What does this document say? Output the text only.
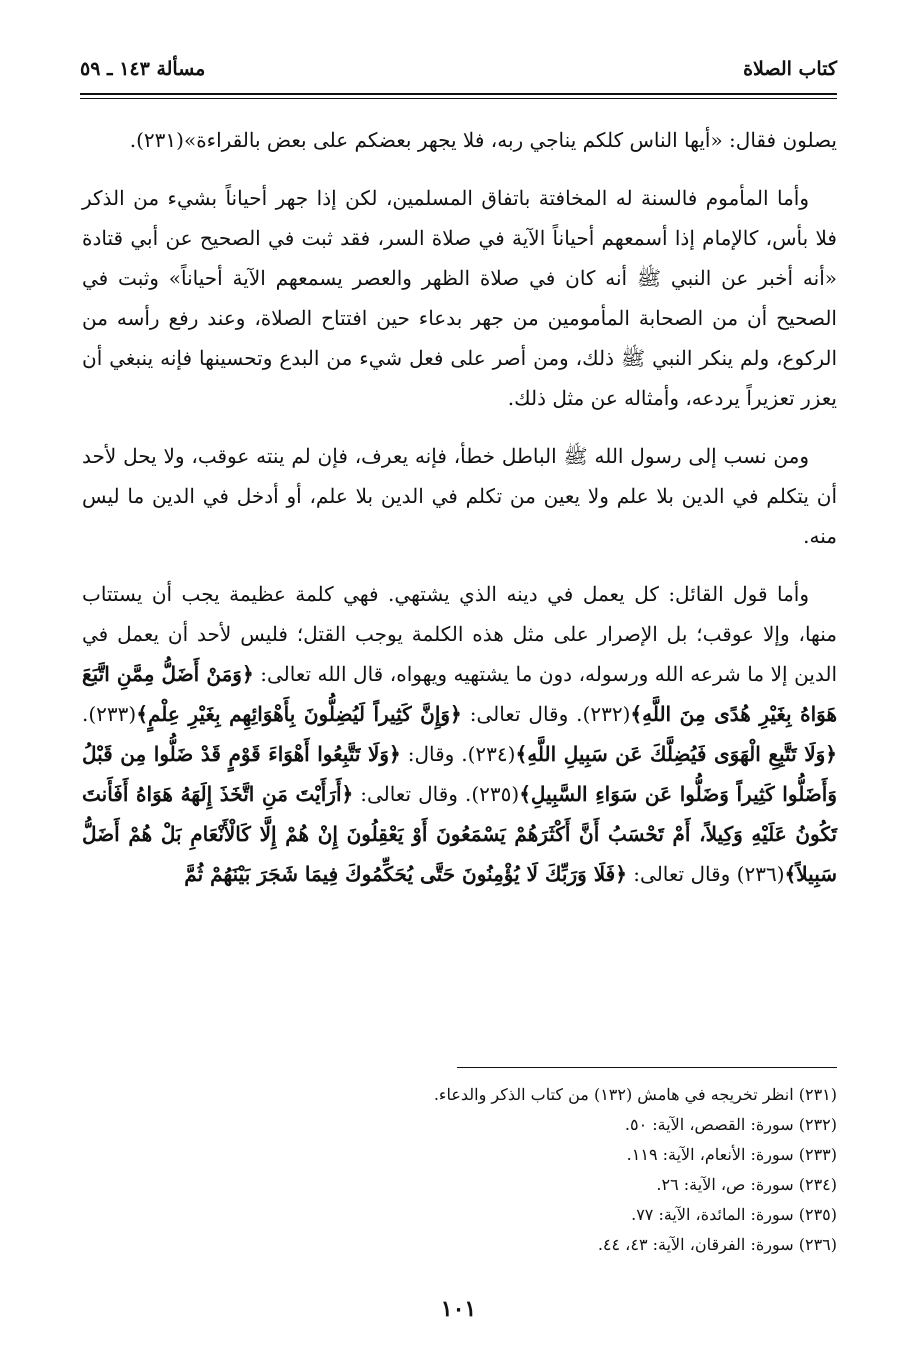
كتاب الصلاة
مسألة ١٤٣ ـ ٥٩

يصلون فقال: «أيها الناس كلكم يناجي ربه، فلا يجهر بعضكم على بعض بالقراءة»(٢٣١).

وأما المأموم فالسنة له المخافتة باتفاق المسلمين، لكن إذا جهر أحياناً بشيء من الذكر فلا بأس، كالإمام إذا أسمعهم أحياناً الآية في صلاة السر، فقد ثبت في الصحيح عن أبي قتادة «أنه أخبر عن النبي ﷺ أنه كان في صلاة الظهر والعصر يسمعهم الآية أحياناً» وثبت في الصحيح أن من الصحابة المأمومين من جهر بدعاء حين افتتاح الصلاة، وعند رفع رأسه من الركوع، ولم ينكر النبي ﷺ ذلك، ومن أصر على فعل شيء من البدع وتحسينها فإنه ينبغي أن يعزر تعزيراً يردعه، وأمثاله عن مثل ذلك.

ومن نسب إلى رسول الله ﷺ الباطل خطأ، فإنه يعرف، فإن لم ينته عوقب، ولا يحل لأحد أن يتكلم في الدين بلا علم ولا يعين من تكلم في الدين بلا علم، أو أدخل في الدين ما ليس منه.

وأما قول القائل: كل يعمل في دينه الذي يشتهي. فهي كلمة عظيمة يجب أن يستتاب منها، وإلا عوقب؛ بل الإصرار على مثل هذه الكلمة يوجب القتل؛ فليس لأحد أن يعمل في الدين إلا ما شرعه الله ورسوله، دون ما يشتهيه ويهواه، قال الله تعالى: ﴿وَمَنْ أَضَلُّ مِمَّنِ اتَّبَعَ هَوَاهُ بِغَيْرِ هُدًى مِنَ اللَّهِ﴾(٢٣٢). وقال تعالى: ﴿وَإِنَّ كَثِيراً لَيُضِلُّونَ بِأَهْوَائِهِم بِغَيْرِ عِلْمٍ﴾(٢٣٣). ﴿وَلَا تَتَّبِعِ الْهَوَى فَيُضِلَّكَ عَن سَبِيلِ اللَّهِ﴾(٢٣٤). وقال: ﴿وَلَا تَتَّبِعُوا أَهْوَاءَ قَوْمٍ قَدْ ضَلُّوا مِن قَبْلُ وَأَضَلُّوا كَثِيراً وَضَلُّوا عَن سَوَاءِ السَّبِيلِ﴾(٢٣٥). وقال تعالى: ﴿أَرَأَيْتَ مَنِ اتَّخَذَ إِلَهَهُ هَوَاهُ أَفَأَنتَ تَكُونُ عَلَيْهِ وَكِيلاً، أَمْ تَحْسَبُ أَنَّ أَكْثَرَهُمْ يَسْمَعُونَ أَوْ يَعْقِلُونَ إِنْ هُمْ إِلَّا كَالْأَنْعَامِ بَلْ هُمْ أَضَلُّ سَبِيلاً﴾(٢٣٦) وقال تعالى: ﴿فَلَا وَرَبِّكَ لَا يُؤْمِنُونَ حَتَّى يُحَكِّمُوكَ فِيمَا شَجَرَ بَيْنَهُمْ ثُمَّ

(٢٣١) انظر تخريجه في هامش (١٣٢) من كتاب الذكر والدعاء.
(٢٣٢) سورة: القصص، الآية: ٥٠.
(٢٣٣) سورة: الأنعام، الآية: ١١٩.
(٢٣٤) سورة: ص، الآية: ٢٦.
(٢٣٥) سورة: المائدة، الآية: ٧٧.
(٢٣٦) سورة: الفرقان، الآية: ٤٣، ٤٤.
١٠١
